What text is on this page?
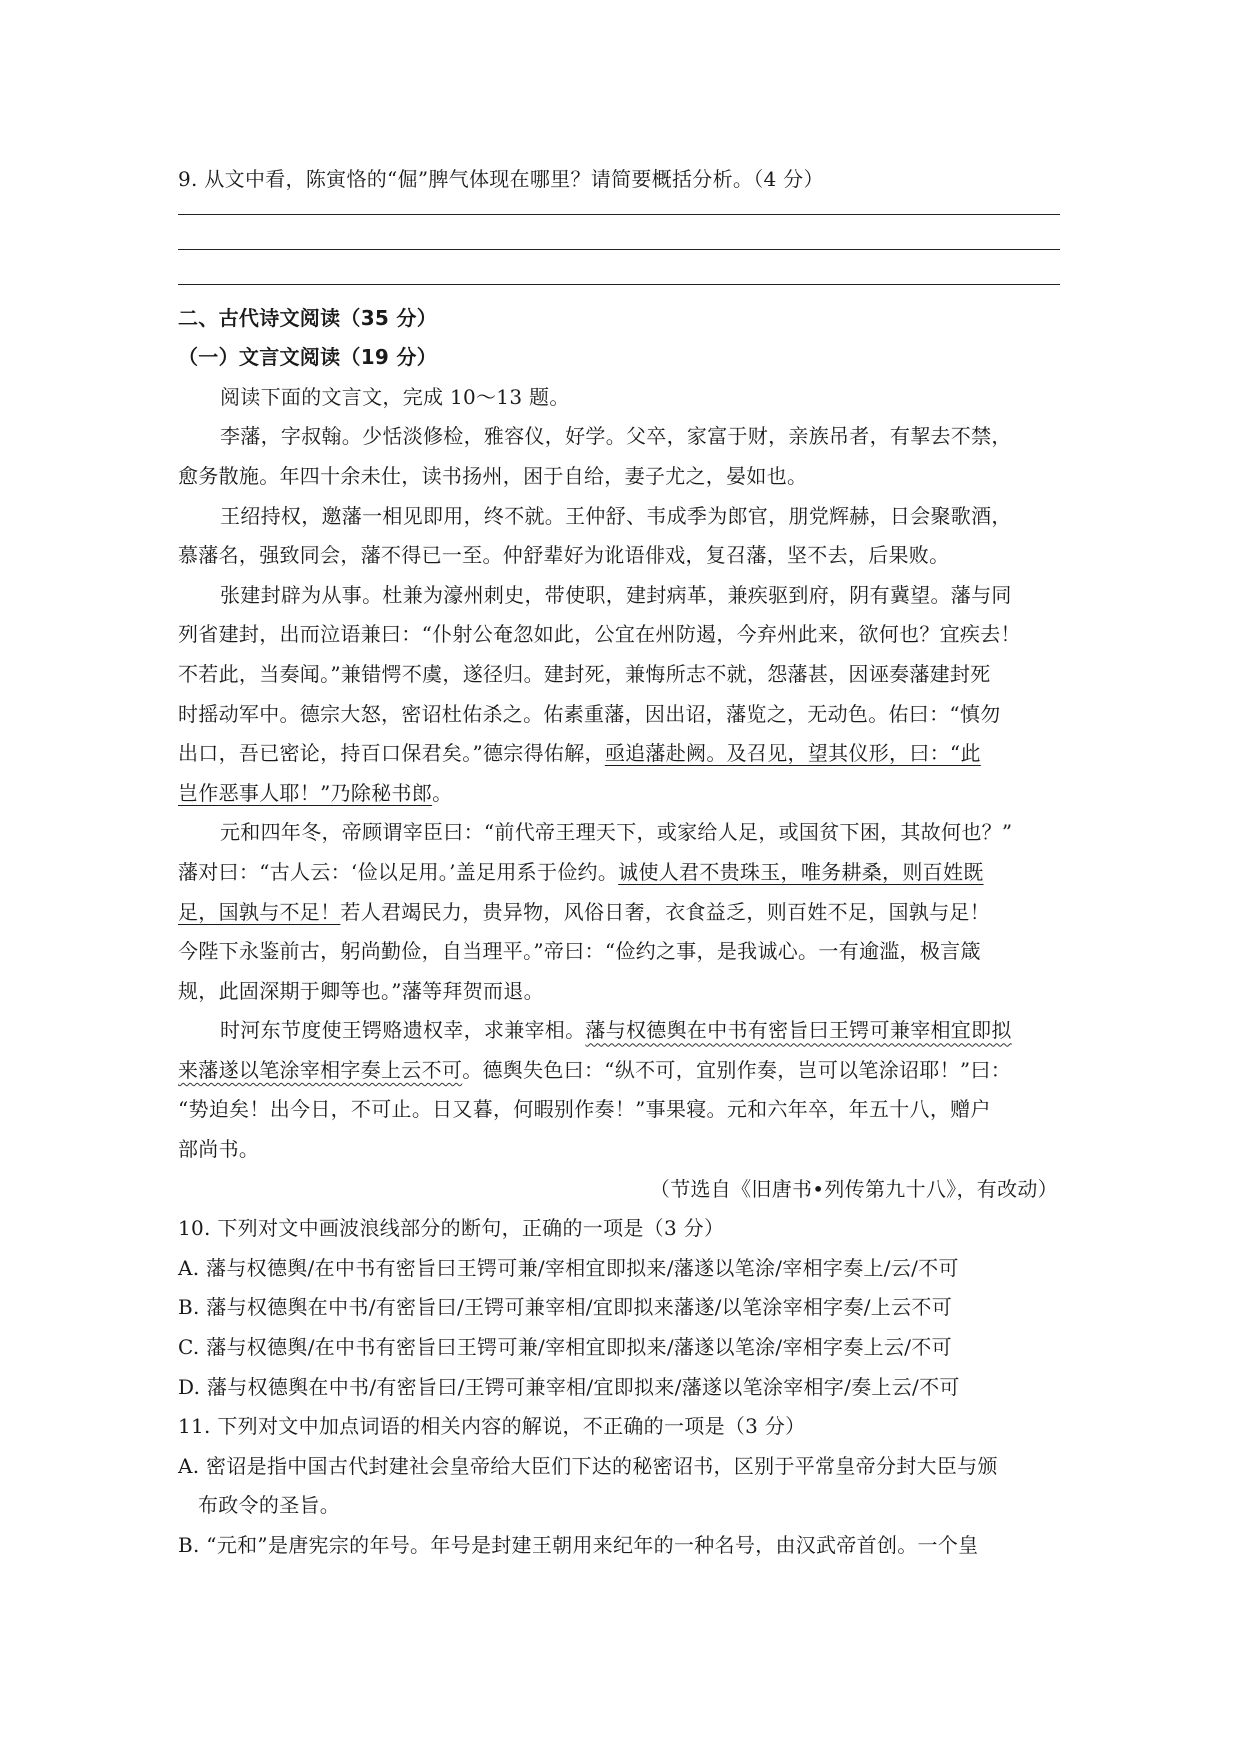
9. 从文中看，陈寅恪的“倔”脾气体现在哪里？请简要概括分析。（4 分）

二、古代诗文阅读（35 分）

（一）文言文阅读（19 分）

阅读下面的文言文，完成 10～13 题。

李藩，字叔翰。少恬淡修检，雅容仪，好学。父卒，家富于财，亲族吊者，有挈去不禁，

愈务散施。年四十余未仕，读书扬州，困于自给，妻子尤之，晏如也。

王绍持权，邀藩一相见即用，终不就。王仲舒、韦成季为郎官，朋党辉赫，日会聚歌酒，

慕藩名，强致同会，藩不得已一至。仲舒辈好为讹语俳戏，复召藩，坚不去，后果败。

张建封辟为从事。杜兼为濠州刺史，带使职，建封病革，兼疾驱到府，阴有冀望。藩与同

列省建封，出而泣语兼曰：“仆射公奄忽如此，公宜在州防遏，今弃州此来，欲何也？宜疾去！

不若此，当奏闻。”兼错愕不虞，遂径归。建封死，兼悔所志不就，怨藩甚，因诬奏藩建封死

时摇动军中。德宗大怒，密诏杜佑杀之。佑素重藩，因出诏，藩览之，无动色。佑曰：“慎勿

出口，吾已密论，持百口保君矣。”德宗得佑解，亟追藩赴阙。及召见，望其仪形，曰：“此

岂作恶事人耶！”乃除秘书郎。

元和四年冬，帝顾谓宰臣曰：“前代帝王理天下，或家给人足，或国贫下困，其故何也？”

藩对曰：“古人云：‘俭以足用。’盖足用系于俭约。诚使人君不贵珠玉，唯务耕桑，则百姓既

足，国孰与不足！若人君竭民力，贵异物，风俗日奢，衣食益乏，则百姓不足，国孰与足！

今陛下永鉴前古，躬尚勤俭，自当理平。”帝曰：“俭约之事，是我诚心。一有逾滥，极言箴

规，此固深期于卿等也。”藩等拜贺而退。

时河东节度使王锷赂遗权幸，求兼宰相。藩与权德舆在中书有密旨曰王锷可兼宰相宜即拟

来藩遂以笔涂宰相字奏上云不可。德舆失色曰：“纵不可，宜别作奏，岂可以笔涂诏耶！”曰：

“势迫矣！出今日，不可止。日又暮，何暇别作奏！”事果寝。元和六年卒，年五十八，赠户

部尚书。

（节选自《旧唐书•列传第九十八》，有改动）

10. 下列对文中画波浪线部分的断句，正确的一项是（3 分）

A. 藩与权德舆/在中书有密旨曰王锷可兼/宰相宜即拟来/藩遂以笔涂/宰相字奏上/云/不可

B. 藩与权德舆在中书/有密旨曰/王锷可兼宰相/宜即拟来藩遂/以笔涂宰相字奏/上云不可

C. 藩与权德舆/在中书有密旨曰王锷可兼/宰相宜即拟来/藩遂以笔涂/宰相字奏上云/不可

D. 藩与权德舆在中书/有密旨曰/王锷可兼宰相/宜即拟来/藩遂以笔涂宰相字/奏上云/不可

11. 下列对文中加点词语的相关内容的解说，不正确的一项是（3 分）

A. 密诏是指中国古代封建社会皇帝给大臣们下达的秘密诏书，区别于平常皇帝分封大臣与颁

布政令的圣旨。

B. “元和”是唐宪宗的年号。年号是封建王朝用来纪年的一种名号，由汉武帝首创。一个皇
